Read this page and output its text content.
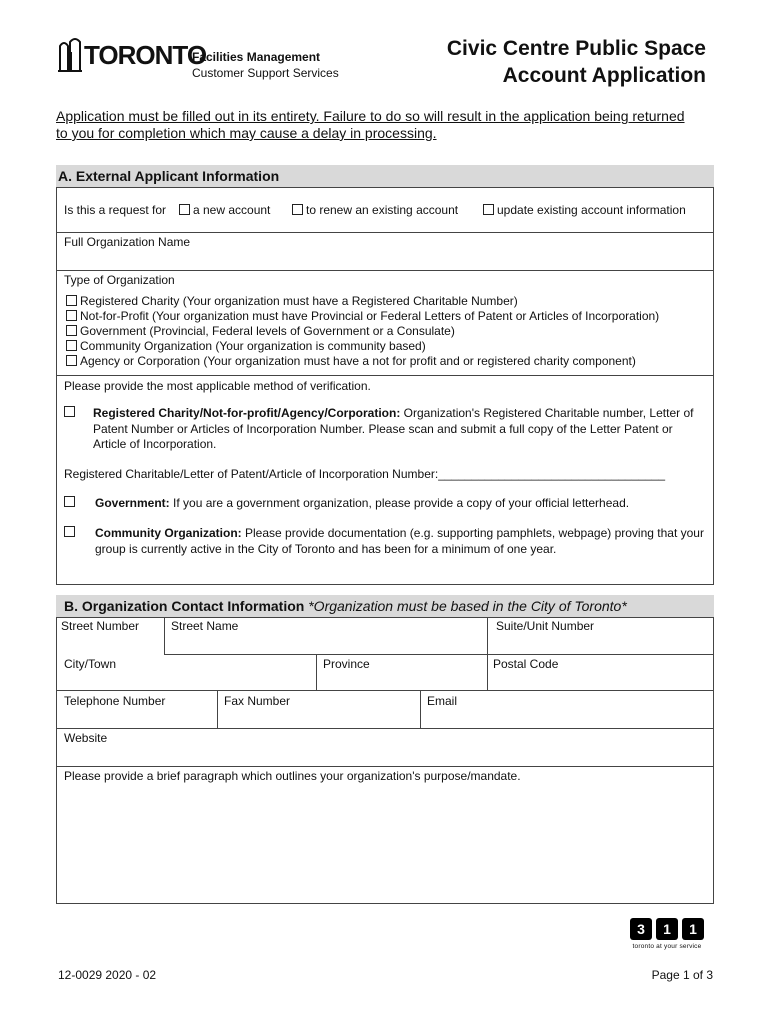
TORONTO
Facilities Management
Customer Support Services
Civic Centre Public Space
Account Application
Application must be filled out in its entirety. Failure to do so will result in the application being returned to you for completion which may cause a delay in processing.
A. External Applicant Information
Is this a request for	a new account	to renew an existing account	update existing account information
Full Organization Name
Type of Organization
Registered Charity (Your organization must have a Registered Charitable Number)
Not-for-Profit (Your organization must have Provincial or Federal Letters of Patent or Articles of Incorporation)
Government (Provincial, Federal levels of Government or a Consulate)
Community Organization (Your organization is community based)
Agency or Corporation (Your organization must have a not for profit and or registered charity component)
Please provide the most applicable method of verification.
Registered Charity/Not-for-profit/Agency/Corporation: Organization's Registered Charitable number, Letter of Patent Number or Articles of Incorporation Number. Please scan and submit a full copy of the Letter Patent or Article of Incorporation.
Registered Charitable/Letter of Patent/Article of Incorporation Number:__________________________________
Government: If you are a government organization, please provide a copy of your official letterhead.
Community Organization: Please provide documentation (e.g. supporting pamphlets, webpage) proving that your group is currently active in the City of Toronto and has been for a minimum of one year.
B. Organization Contact Information *Organization must be based in the City of Toronto*
Street Number	Street Name	Suite/Unit Number
City/Town	Province	Postal Code
Telephone Number	Fax Number	Email
Website
Please provide a brief paragraph which outlines your organization's purpose/mandate.
3	1	1
toronto at your service
12-0029 2020 - 02	Page 1 of 3
